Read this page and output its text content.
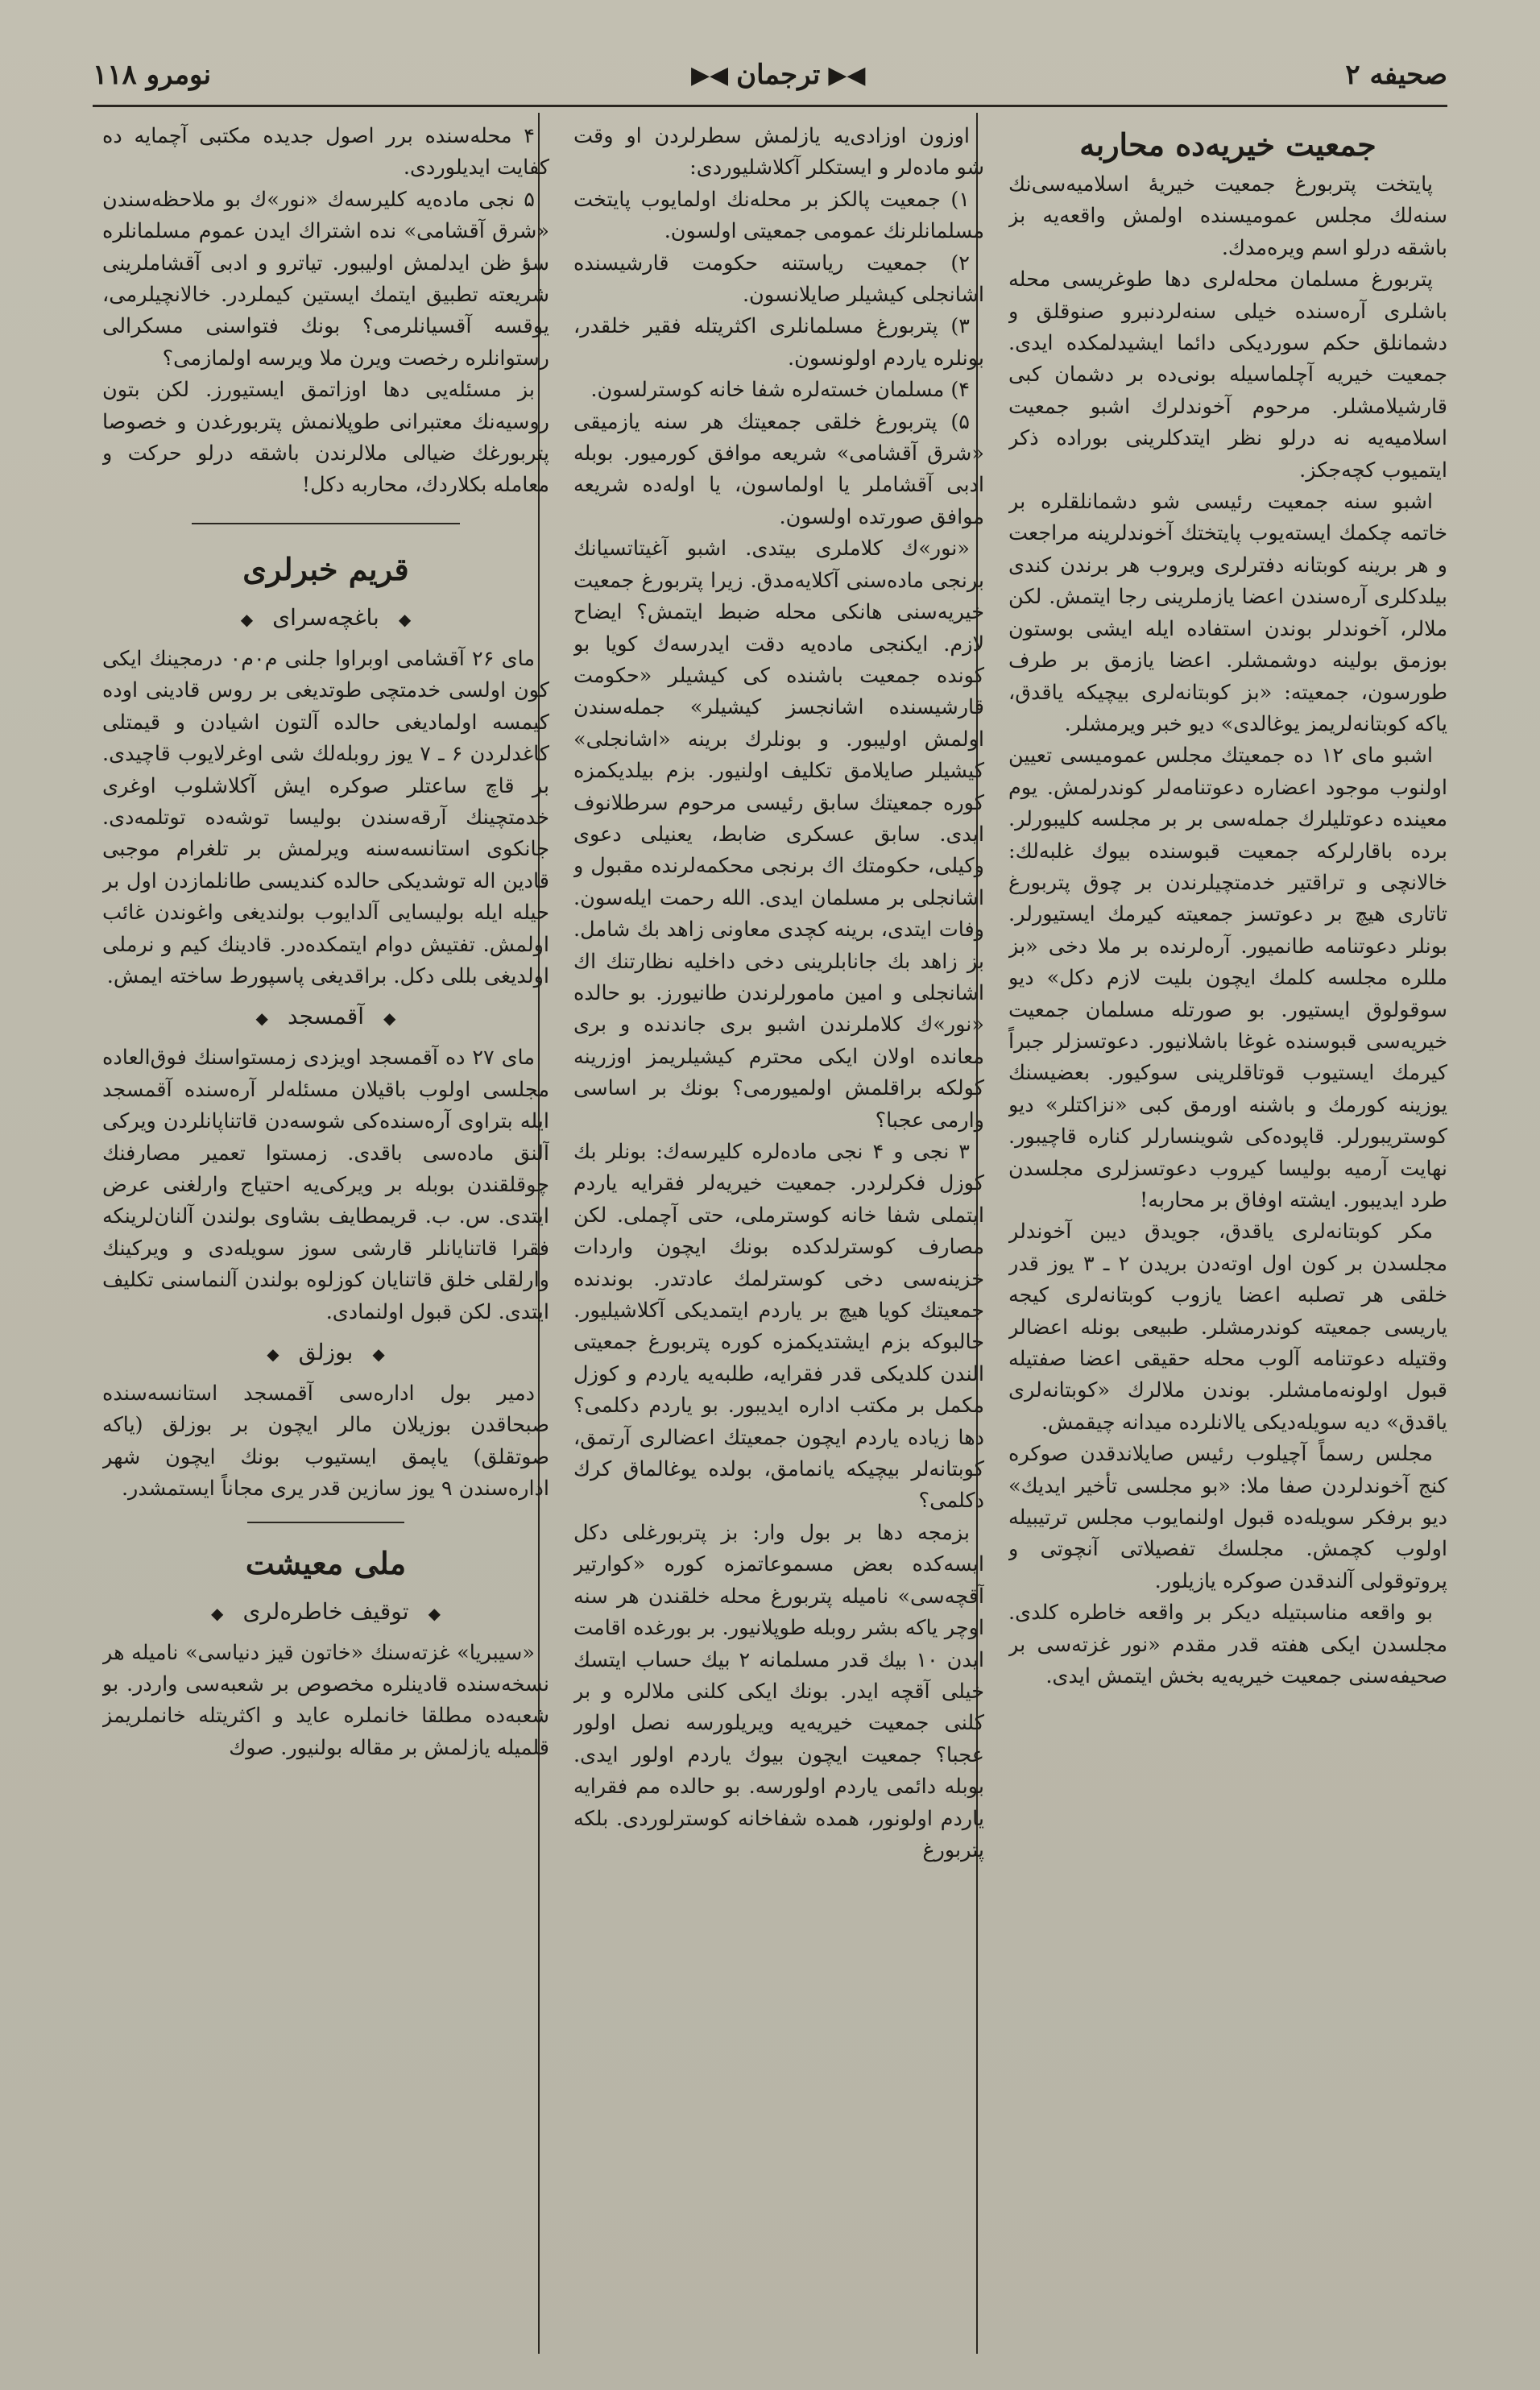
صحیفه ۲
◀▶
ترجمان
◀▶
نومرو ۱۱۸

جمعیت خیریه‌ده محاربه

پایتخت پتربورغ جمعیت خیریهٔ اسلامیه‌سی‌نك سنه‌لك مجلس عمومیسنده اولمش واقعه‌یه بز باشقه درلو اسم ویره‌مدك.

پتربورغ مسلمان محله‌لری دها طوغریسی محله باشلری آره‌سنده خیلی سنه‌لردنبرو صنوقلق و دشمانلق حکم سوردیکی دائما ایشیدلمکده ایدی. جمعیت خیریه آچلماسیله بونی‌ده بر دشمان کبی قارشیلامشلر. مرحوم آخوندلرك اشبو جمعیت اسلامیه‌یه نه درلو نظر ایتدکلرینی بورا‌ده ذکر ایتمیوب کچه‌جکز.

اشبو سنه جمعیت رئیسی شو دشمانلقلره بر خاتمه چکمك ایسته‌یوب پایتختك آخوندلرینه مراجعت و هر برینه کوبتانه دفترلری ویروب هر برندن کندی بیلدکلری آره‌سندن اعضا یازملرینی رجا ایتمش. لکن ملالر، آخوندلر بوندن استفاده ایله ایشی بوستون بوزمق بولینه دوشمشلر. اعضا یازمق بر طرف طورسون، جمعیته: «بز کوبتانه‌لری بیچیکه یاقدق، یاکه کوبتانه‌لریمز یوغالدی» دیو خبر ویرمشلر.

اشبو مای ۱۲ ده جمعیتك مجلس عمومیسی تعیین اولنوب موجود اعضاره دعوتنامه‌لر کوندرلمش. یوم معینده دعوتلیلرك جمله‌سی بر بر مجلسه کلیبورلر. برده باقارلرکه جمعیت قبوسنده بیوك غلبه‌لك: خالانچی و تراقتیر خدمتچیلرندن بر چوق پتربورغ تاتاری هیچ بر دعوتسز جمعیته کیرمك ایستیورلر. بونلر دعوتنامه طانمیور. آره‌لرنده بر ملا دخی «بز مللره مجلسه کلمك ایچون بلیت لازم دکل» دیو سوقولوق ایستیور. بو صورتله مسلمان جمعیت خیریه‌سی قبوسنده غوغا باشلانیور. دعوتسزلر جبراً کیرمك ایستیوب قوتاقلرینی سوکیور. بعضیسنك یوزینه کورمك و باشنه اورمق کبی «نزاکتلر» دیو کوستریبورلر. قاپوده‌کی شوینسارلر کناره قاچیبور. نهایت آرمیه بولیسا کیروب دعوتسزلری مجلسدن طرد ایدیبور. ایشته اوفاق بر محاربه!

مکر کوبتانه‌لری یاقدق، جویدق دیبن آخوندلر مجلسدن بر کون اول اوته‌دن بریدن ۲ ـ ۳ یوز قدر خلقی هر تصلبه اعضا یازوب کوبتانه‌لری کیجه یاریسی جمعیته کوندرمشلر. طبیعی بونله اعضالر وقتیله دعوتنامه آلوب محله حقیقی اعضا صفتیله قبول اولونه‌مامشلر. بوندن ملالرك «کوبتانه‌لری یاقدق» دیه سویله‌دیکی یالانلرده میدانه چیقمش.

مجلس رسماً آچیلوب رئیس صایلاندقدن صوکره کنج آخوندلردن صفا ملا: «بو مجلسی تأخیر ایدیك» دیو برفکر سویله‌ده قبول اولنمایوب مجلس ترتیبیله اولوب کچمش. مجلسك تفصیلاتی آنچوتی و پروتوقولی آلندقدن صوکره یازیلور.

بو واقعه مناسبتیله دیکر بر واقعه خاطره کلدی. مجلسدن ایکی هفته قدر مقدم «نور غزته‌سی بر صحیفه‌سنی جمعیت خیریه‌یه بخش ایتمش ایدی.

اوزون اوزادی‌یه یازلمش سطرلردن او وقت شو ماده‌لر و ایستکلر آکلاشلیوردی:

۱) جمعیت پالکز بر محله‌نك اولمایوب پایتخت مسلمانلرنك عمومی جمعیتی اولسون.

۲) جمعیت ریاستنه حکومت قارشیسنده اشانجلی کیشیلر صایلانسون.

۳) پتربورغ مسلمانلری اکثریتله فقیر خلقدر، بونلره یاردم اولونسون.

۴) مسلمان خسته‌لره شفا خانه کوسترلسون.

۵) پتربورغ خلقی جمعیتك هر سنه یازمیقی «شرق آقشامی» شریعه موافق کورمیور. بوبله ادبی آقشاملر یا اولماسون، یا اوله‌ده شریعه موافق صورتده اولسون.

«نور»ك کلاملری بیتدی. اشبو آغیتاتسیانك برنجی ماده‌سنی آکلایه‌مدق. زیرا پتربورغ جمعیت خیریه‌سنی هانکی محله ضبط ایتمش؟ ایضاح لازم. ایکنجی ماده‌یه دقت ایدرسه‌ك کویا بو کونده جمعیت باشنده کی کیشیلر «حکومت قارشیسنده اشانجسز کیشیلر» جمله‌سندن اولمش اولیبور. و بونلرك برینه «اشانجلی» کیشیلر صایلامق تکلیف اولنیور. بزم بیلدیکمزه کوره جمعیتك سابق رئیسی مرحوم سرطلانوف ایدی. سابق عسکری ضابط، یعنیلی دعوی وکیلی، حکومتك اك برنجی محکمه‌لرنده مقبول و اشانجلی بر مسلمان ایدی. الله رحمت ایله‌سون. وفات ایتدی، برینه کچدی معاونی زاهد بك شامل. بز زاهد بك جانابلرینی دخی داخلیه نظارتنك اك اشانجلی و امین مامورلرندن طانیورز. بو حالده «نور»ك کلاملرندن اشبو بری جاندنده و بری معانده اولان ایکی محترم کیشیلریمز اوزرینه کولکه براقلمش اولمیورمی؟ بونك بر اساسی وارمی عجبا؟

۳ نجی و ۴ نجی ماده‌لره کلیرسه‌ك: بونلر بك کوزل فکرلردر. جمعیت خیریه‌لر فقرایه یاردم ایتملی شفا خانه کوسترملی، حتی آچملی. لکن مصارف کوسترلدکده بونك ایچون واردات خزینه‌سی دخی کوسترلمك عادتدر. بوندنده جمعیتك کویا هیچ بر یاردم ایتمدیکی آکلاشیلیور. حالبوکه بزم ایشتدیکمزه کوره پتربورغ جمعیتی الندن کلدیکی قدر فقرایه، طلبه‌یه یاردم و کوزل مکمل بر مکتب اداره ایدیبور. بو یاردم دکلمی؟ دها زیاده یاردم ایچون جمعیتك اعضالری آرتمق، کوبتانه‌لر بیچیکه یانمامق، بولده یوغالماق کرك دکلمی؟

بزمجه دها بر بول وار: بز پتربورغلی دکل ایسه‌کده بعض مسموعاتمزه کوره «کوارتیر آقچه‌سی» نامیله پتربورغ محله خلقندن هر سنه اوچر یاکه بشر روبله طوپلانیور. بر بورغده اقامت ایدن ۱۰ بیك قدر مسلمانه ۲ بیك حساب ایتسك خیلی آقچه ایدر. بونك ایکی کلنی ملالره و بر کلنی جمعیت خیریه‌یه ویریلورسه نصل اولور عجبا؟ جمعیت ایچون بیوك یاردم اولور ایدی. بوبله دائمی یاردم اولورسه. بو حالده مم فقرایه یاردم اولونور، همده شفاخانه کوسترلوردی. بلکه پتربورغ

۴ محله‌سنده برر اصول جدیده مکتبی آچمایه ده کفایت ایدیلوردی.

۵ نجی ماده‌یه کلیرسه‌ك «نور»ك بو ملاحظه‌سندن «شرق آقشامی» نده اشتراك ایدن عموم مسلمانلره سؤ ظن ایدلمش اولیبور. تیاترو و ادبی آقشاملرینی شریعته تطبیق ایتمك ایستین کیملردر. خالانچیلرمی، یوقسه آقسیانلرمی؟ بونك فتواسنی مسکرالی رستوانلره رخصت ویرن ملا ویرسه اولمازمی؟

بز مسئله‌یی دها اوزاتمق ایستیورز. لکن بتون روسیه‌نك معتبرانی طوپلانمش پتربورغدن و خصوصا پتربورغك ضیالی ملالرندن باشقه درلو حرکت و معامله بکلاردك، محاربه دکل!

قریم خبرلری

◆باغچه‌سرای◆

مای ۲۶ آقشامی اوبراوا جلنی م۰م۰ درمجینك ایکی کون اولسی خدمتچی طوتدیغی بر روس قادینی اوده کیمسه اولمادیغی حالده آلتون اشیادن و قیمتلی کاغدلردن ۶ ـ ۷ یوز روبله‌لك شی اوغرلایوب قاچیدی. بر قاچ ساعتلر صوکره ایش آکلاشلوب اوغری خدمتچینك آرقه‌سندن بولیسا توشه‌ده توتلمه‌دی. جانکوی استانسه‌سنه ویرلمش بر تلغرام موجبی قادین اله توشدیکی حالده کندیسی طانلمازدن اول بر حیله ایله بولیسایی آلدایوب بولندیغی واغوندن غائب اولمش. تفتیش دوام ایتمکده‌در. قادینك کیم و نرملی اولدیغی بللی دکل. براقدیغی پاسپورط ساخته ایمش.

◆آقمسجد◆

مای ۲۷ ده آقمسجد اویزدی زمستواسنك فوق‌العاده مجلسی اولوب باقیلان مسئله‌لر آره‌سنده آقمسجد ایله بتراوی آره‌سنده‌کی شوسه‌دن قاتناپانلردن ویرکی آلنق ماده‌سی باقدی. زمستوا تعمیر مصارفنك چوقلقندن بوبله بر ویرکی‌یه احتیاج وارلغنی عرض ایتدی. س. ب. قریمطایف بشاوی بولندن آلنان‌لرینکه فقرا قاتنایانلر قارشی سوز سویله‌دی و ویرکینك وارلقلی خلق قاتنایان کوزلوه بولندن آلنماسنی تکلیف ایتدی. لکن قبول اولنمادی.

◆بوزلق◆

دمیر بول اداره‌سی آقمسجد استانسه‌سنده صبحاقدن بوزیلان مالر ایچون بر بوزلق (یاکه صوتقلق) یاپمق ایستیوب بونك ایچون شهر اداره‌سندن ۹ یوز سازین قدر یری مجاناً ایستمشدر.

ملی معیشت

◆توقیف خاطره‌لری◆

«سیبریا» غزته‌سنك «خاتون قیز دنیاسی» نامیله هر نسخه‌سنده قادینلره مخصوص بر شعبه‌سی واردر. بو شعبه‌ده مطلقا خانملره عاید و اکثریتله خانملریمز قلمیله یازلمش بر مقاله بولنیور. صوك
